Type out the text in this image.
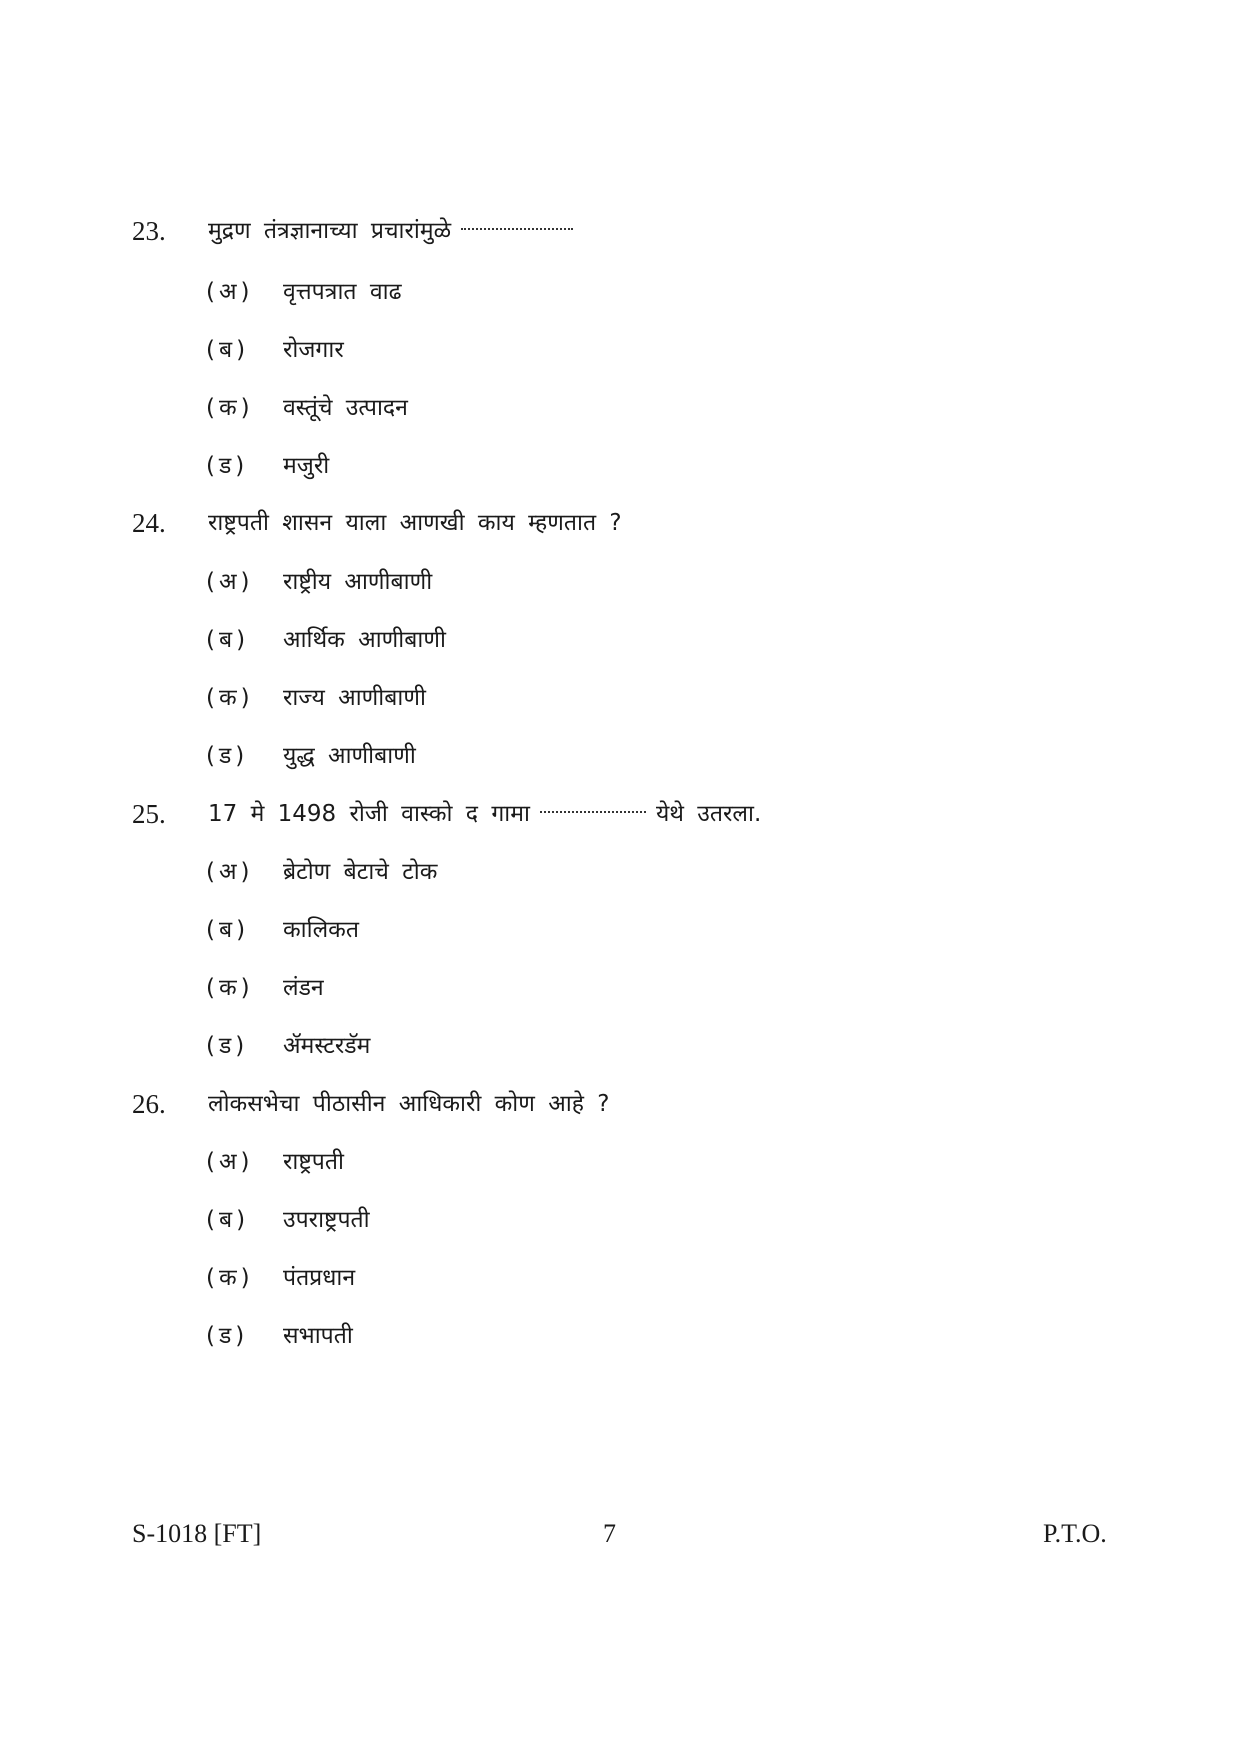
23. मुद्रण तंत्रज्ञानाच्या प्रचारांमुळे
(अ) वृत्तपत्रात वाढ
(ब) रोजगार
(क) वस्तूंचे उत्पादन
(ड) मजुरी
24. राष्ट्रपती शासन याला आणखी काय म्हणतात ?
(अ) राष्ट्रीय आणीबाणी
(ब) आर्थिक आणीबाणी
(क) राज्य आणीबाणी
(ड) युद्ध आणीबाणी
25. 17 मे 1498 रोजी वास्को द गामा	येथे उतरला.
(अ) ब्रेटोण बेटाचे टोक
(ब) कालिकत
(क) लंडन
(ड) ॲमस्टरडॅम
26. लोकसभेचा पीठासीन आधिकारी कोण आहे ?
(अ) राष्ट्रपती
(ब) उपराष्ट्रपती
(क) पंतप्रधान
(ड) सभापती
S-1018 [FT]	7	P.T.O.
